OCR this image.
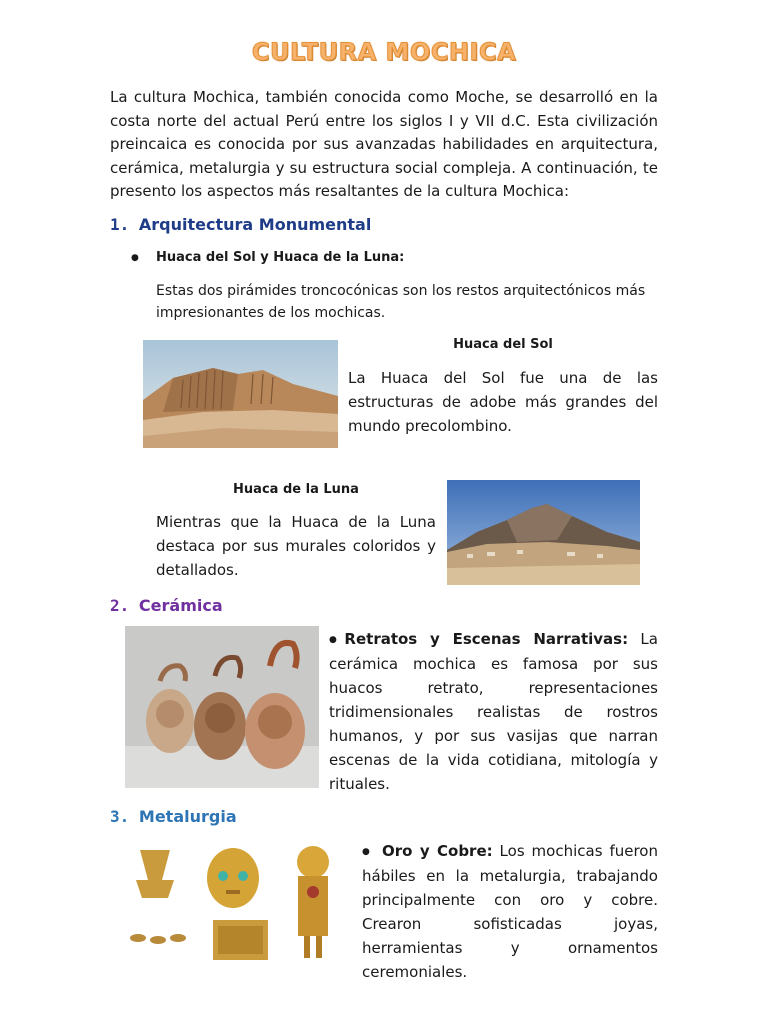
CULTURA MOCHICA
La cultura Mochica, también conocida como Moche, se desarrolló en la costa norte del actual Perú entre los siglos I y VII d.C. Esta civilización preincaica es conocida por sus avanzadas habilidades en arquitectura, cerámica, metalurgia y su estructura social compleja. A continuación, te presento los aspectos más resaltantes de la cultura Mochica:
1. Arquitectura Monumental
● Huaca del Sol y Huaca de la Luna:
Estas dos pirámides troncocónicas son los restos arquitectónicos más impresionantes de los mochicas.
Huaca del Sol
La Huaca del Sol fue una de las estructuras de adobe más grandes del mundo precolombino.
Huaca de la Luna
Mientras que la Huaca de la Luna destaca por sus murales coloridos y detallados.
2. Cerámica
●Retratos y Escenas Narrativas: La cerámica mochica es famosa por sus huacos retrato, representaciones tridimensionales realistas de rostros humanos, y por sus vasijas que narran escenas de la vida cotidiana, mitología y rituales.
3. Metalurgia
● Oro y Cobre: Los mochicas fueron hábiles en la metalurgia, trabajando principalmente con oro y cobre. Crearon sofisticadas joyas, herramientas y ornamentos ceremoniales.
